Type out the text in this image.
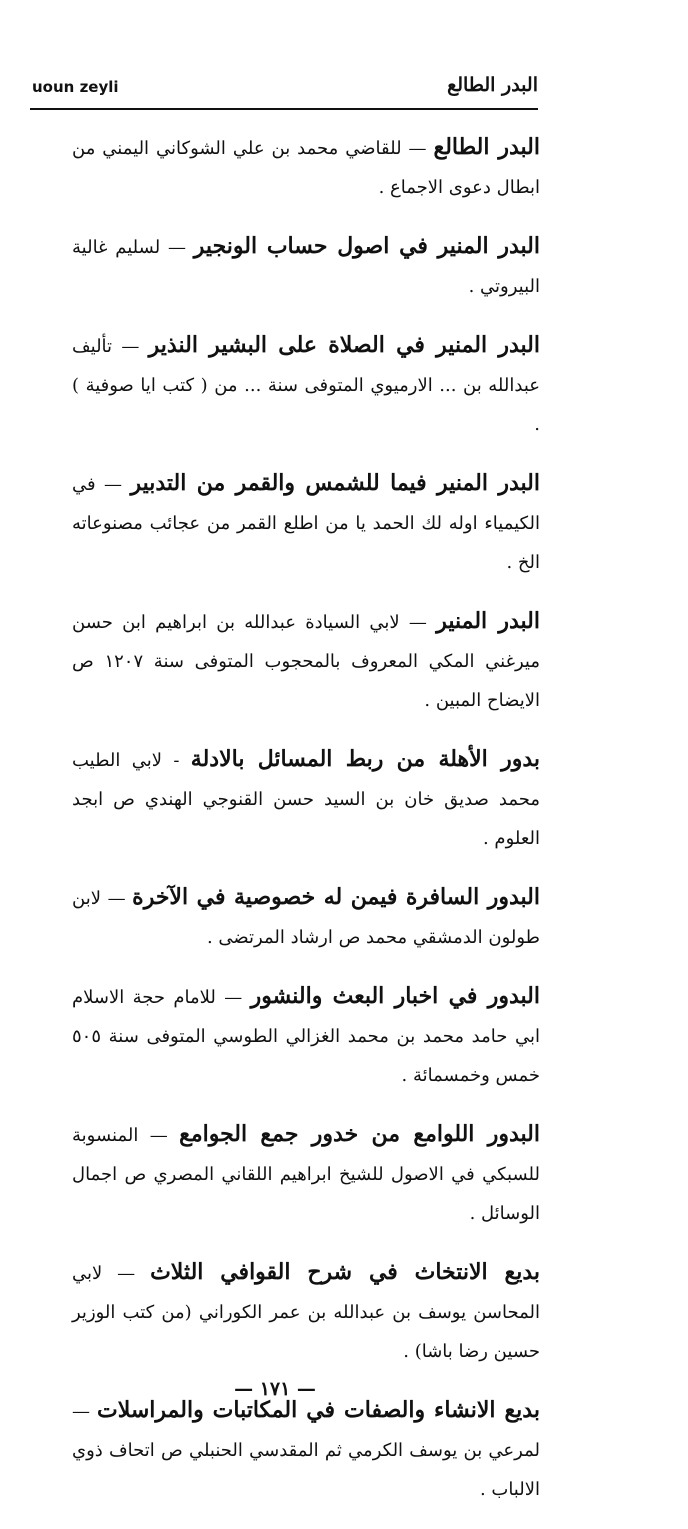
uoun zeyli	البدر الطالع

البدر الطالع — للقاضي محمد بن علي الشوكاني اليمني من ابطال دعوى الاجماع .

البدر المنير في اصول حساب الونجير — لسليم غالية البيروتي .

البدر المنير في الصلاة على البشير النذير — تأليف عبدالله بن ... الارميوي المتوفى سنة ... من ( كتب ايا صوفية ) .

البدر المنير فيما للشمس والقمر من التدبير — في الكيمياء اوله لك الحمد يا من اطلع القمر من عجائب مصنوعاته الخ .

البدر المنير — لابي السيادة عبدالله بن ابراهيم ابن حسن ميرغني المكي المعروف بالمحجوب المتوفى سنة ١٢٠٧ ص الايضاح المبين .

بدور الأهلة من ربط المسائل بالادلة - لابي الطيب محمد صديق خان بن السيد حسن القنوجي الهندي ص ابجد العلوم .

البدور السافرة فيمن له خصوصية في الآخرة — لابن طولون الدمشقي محمد ص ارشاد المرتضى .

البدور في اخبار البعث والنشور — للامام حجة الاسلام ابي حامد محمد بن محمد الغزالي الطوسي المتوفى سنة ٥٠٥ خمس وخمسمائة .

البدور اللوامع من خدور جمع الجوامع — المنسوبة للسبكي في الاصول للشيخ ابراهيم اللقاني المصري ص اجمال الوسائل .

بديع الانتخاث في شرح القوافي الثلاث — لابي المحاسن يوسف بن عبدالله بن عمر الكوراني (من كتب الوزير حسين رضا باشا) .

بديع الانشاء والصفات في المكاتبات والمراسلات — لمرعي بن يوسف الكرمي ثم المقدسي الحنبلي ص اتحاف ذوي الالباب .

— ١٧١ —
